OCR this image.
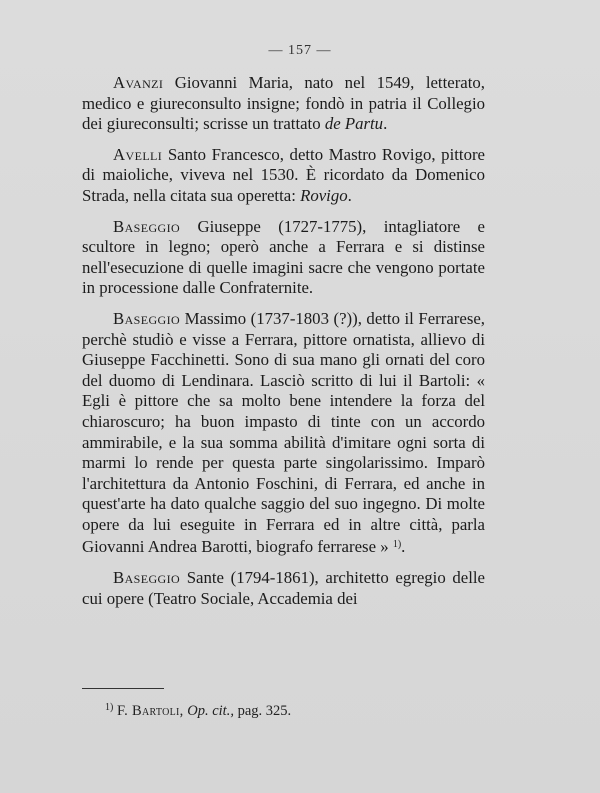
— 157 —

Avanzi Giovanni Maria, nato nel 1549, letterato, medico e giureconsulto insigne; fondò in patria il Collegio dei giureconsulti; scrisse un trattato de Partu.

Avelli Santo Francesco, detto Mastro Rovigo, pittore di maioliche, viveva nel 1530. È ricordato da Domenico Strada, nella citata sua operetta: Rovigo.

Baseggio Giuseppe (1727-1775), intagliatore e scultore in legno; operò anche a Ferrara e si distinse nell'esecuzione di quelle imagini sacre che vengono portate in processione dalle Confraternite.

Baseggio Massimo (1737-1803 (?)), detto il Ferrarese, perchè studiò e visse a Ferrara, pittore ornatista, allievo di Giuseppe Facchinetti. Sono di sua mano gli ornati del coro del duomo di Lendinara. Lasciò scritto di lui il Bartoli: « Egli è pittore che sa molto bene intendere la forza del chiaroscuro; ha buon impasto di tinte con un accordo ammirabile, e la sua somma abilità d'imitare ogni sorta di marmi lo rende per questa parte singolarissimo. Imparò l'architettura da Antonio Foschini, di Ferrara, ed anche in quest'arte ha dato qualche saggio del suo ingegno. Di molte opere da lui eseguite in Ferrara ed in altre città, parla Giovanni Andrea Barotti, biografo ferrarese » $^{1)}$.

Baseggio Sante (1794-1861), architetto egregio delle cui opere (Teatro Sociale, Accademia dei

$^{1)}$ F. Bartoli, Op. cit., pag. 325.
